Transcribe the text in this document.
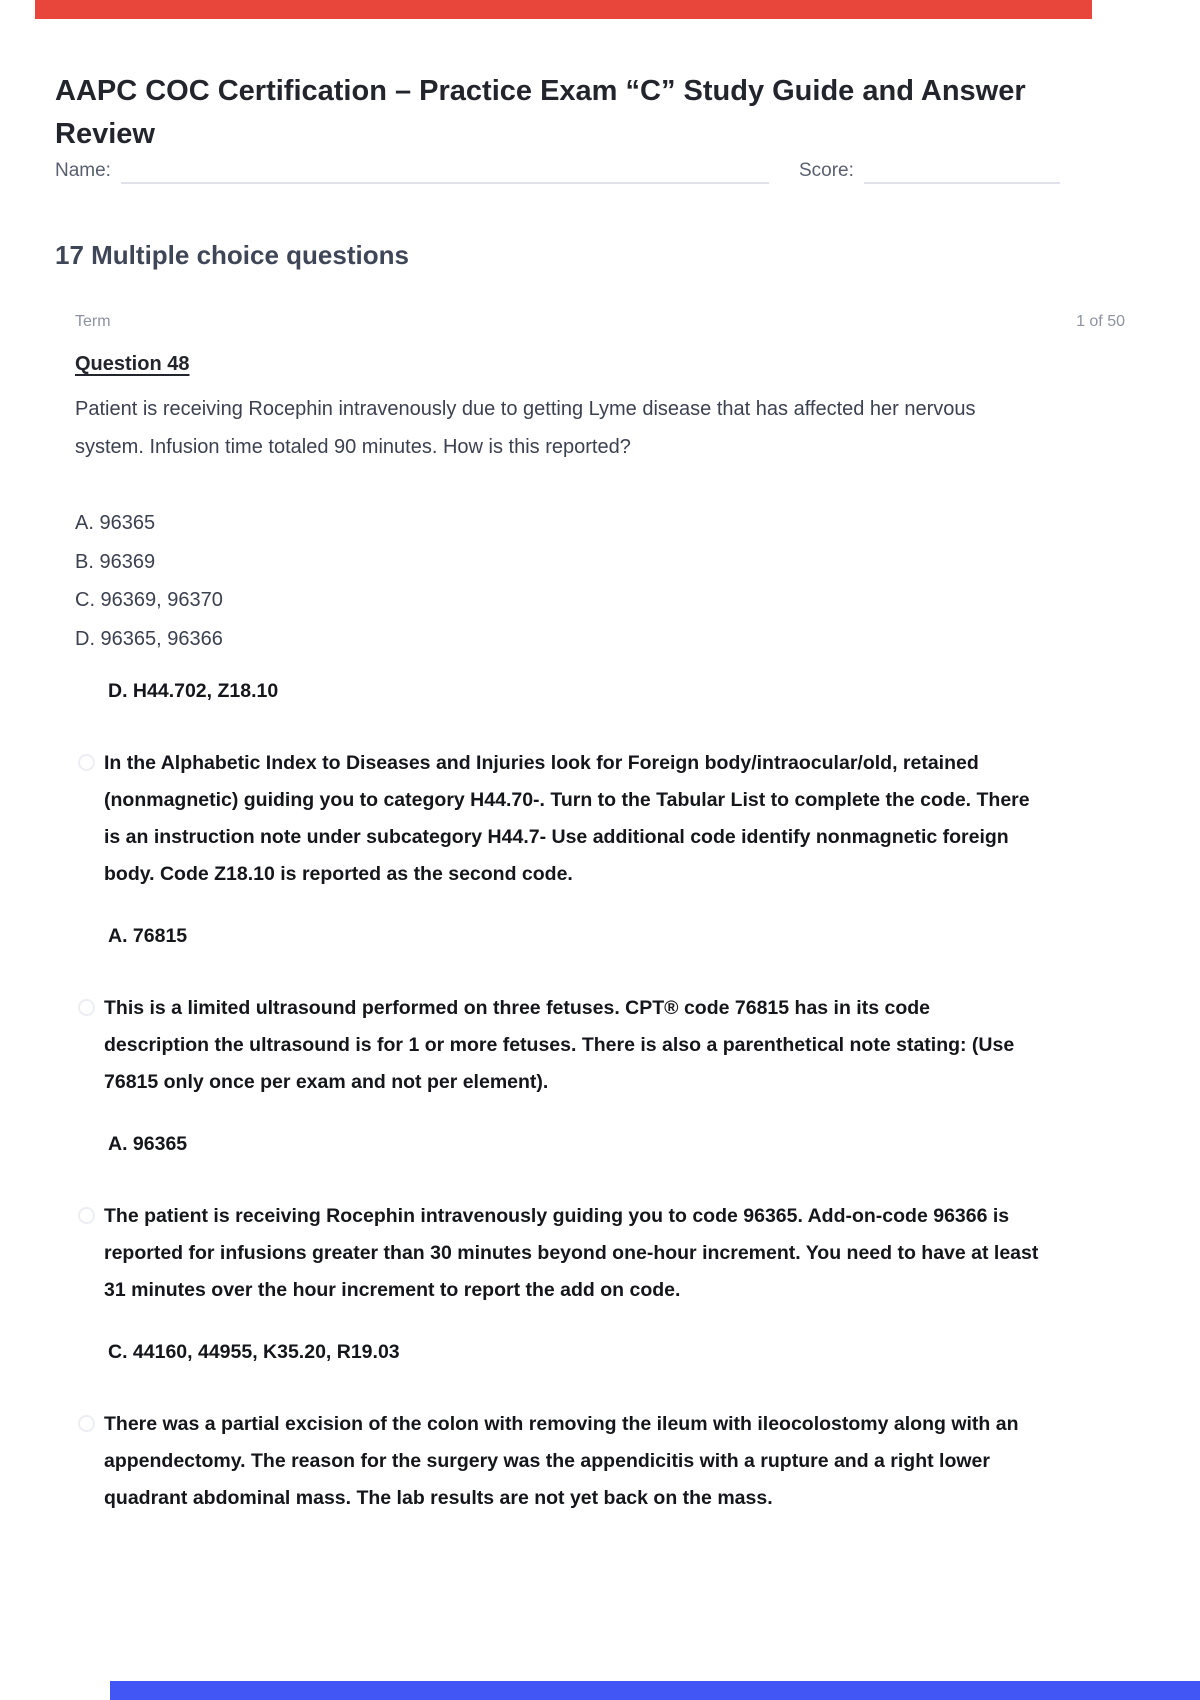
AAPC COC Certification – Practice Exam “C” Study Guide and Answer Review
Name:	Score:
17 Multiple choice questions
Term	1 of 50
Question 48

Patient is receiving Rocephin intravenously due to getting Lyme disease that has affected her nervous system. Infusion time totaled 90 minutes. How is this reported?

A. 96365
B. 96369
C. 96369, 96370
D. 96365, 96366
D. H44.702, Z18.10

In the Alphabetic Index to Diseases and Injuries look for Foreign body/intraocular/old, retained (nonmagnetic) guiding you to category H44.70-. Turn to the Tabular List to complete the code. There is an instruction note under subcategory H44.7- Use additional code identify nonmagnetic foreign body. Code Z18.10 is reported as the second code.

A. 76815

This is a limited ultrasound performed on three fetuses. CPT® code 76815 has in its code description the ultrasound is for 1 or more fetuses. There is also a parenthetical note stating: (Use 76815 only once per exam and not per element).

A. 96365

The patient is receiving Rocephin intravenously guiding you to code 96365. Add-on-code 96366 is reported for infusions greater than 30 minutes beyond one-hour increment. You need to have at least 31 minutes over the hour increment to report the add on code.

C. 44160, 44955, K35.20, R19.03

There was a partial excision of the colon with removing the ileum with ileocolostomy along with an appendectomy. The reason for the surgery was the appendicitis with a rupture and a right lower quadrant abdominal mass. The lab results are not yet back on the mass.
